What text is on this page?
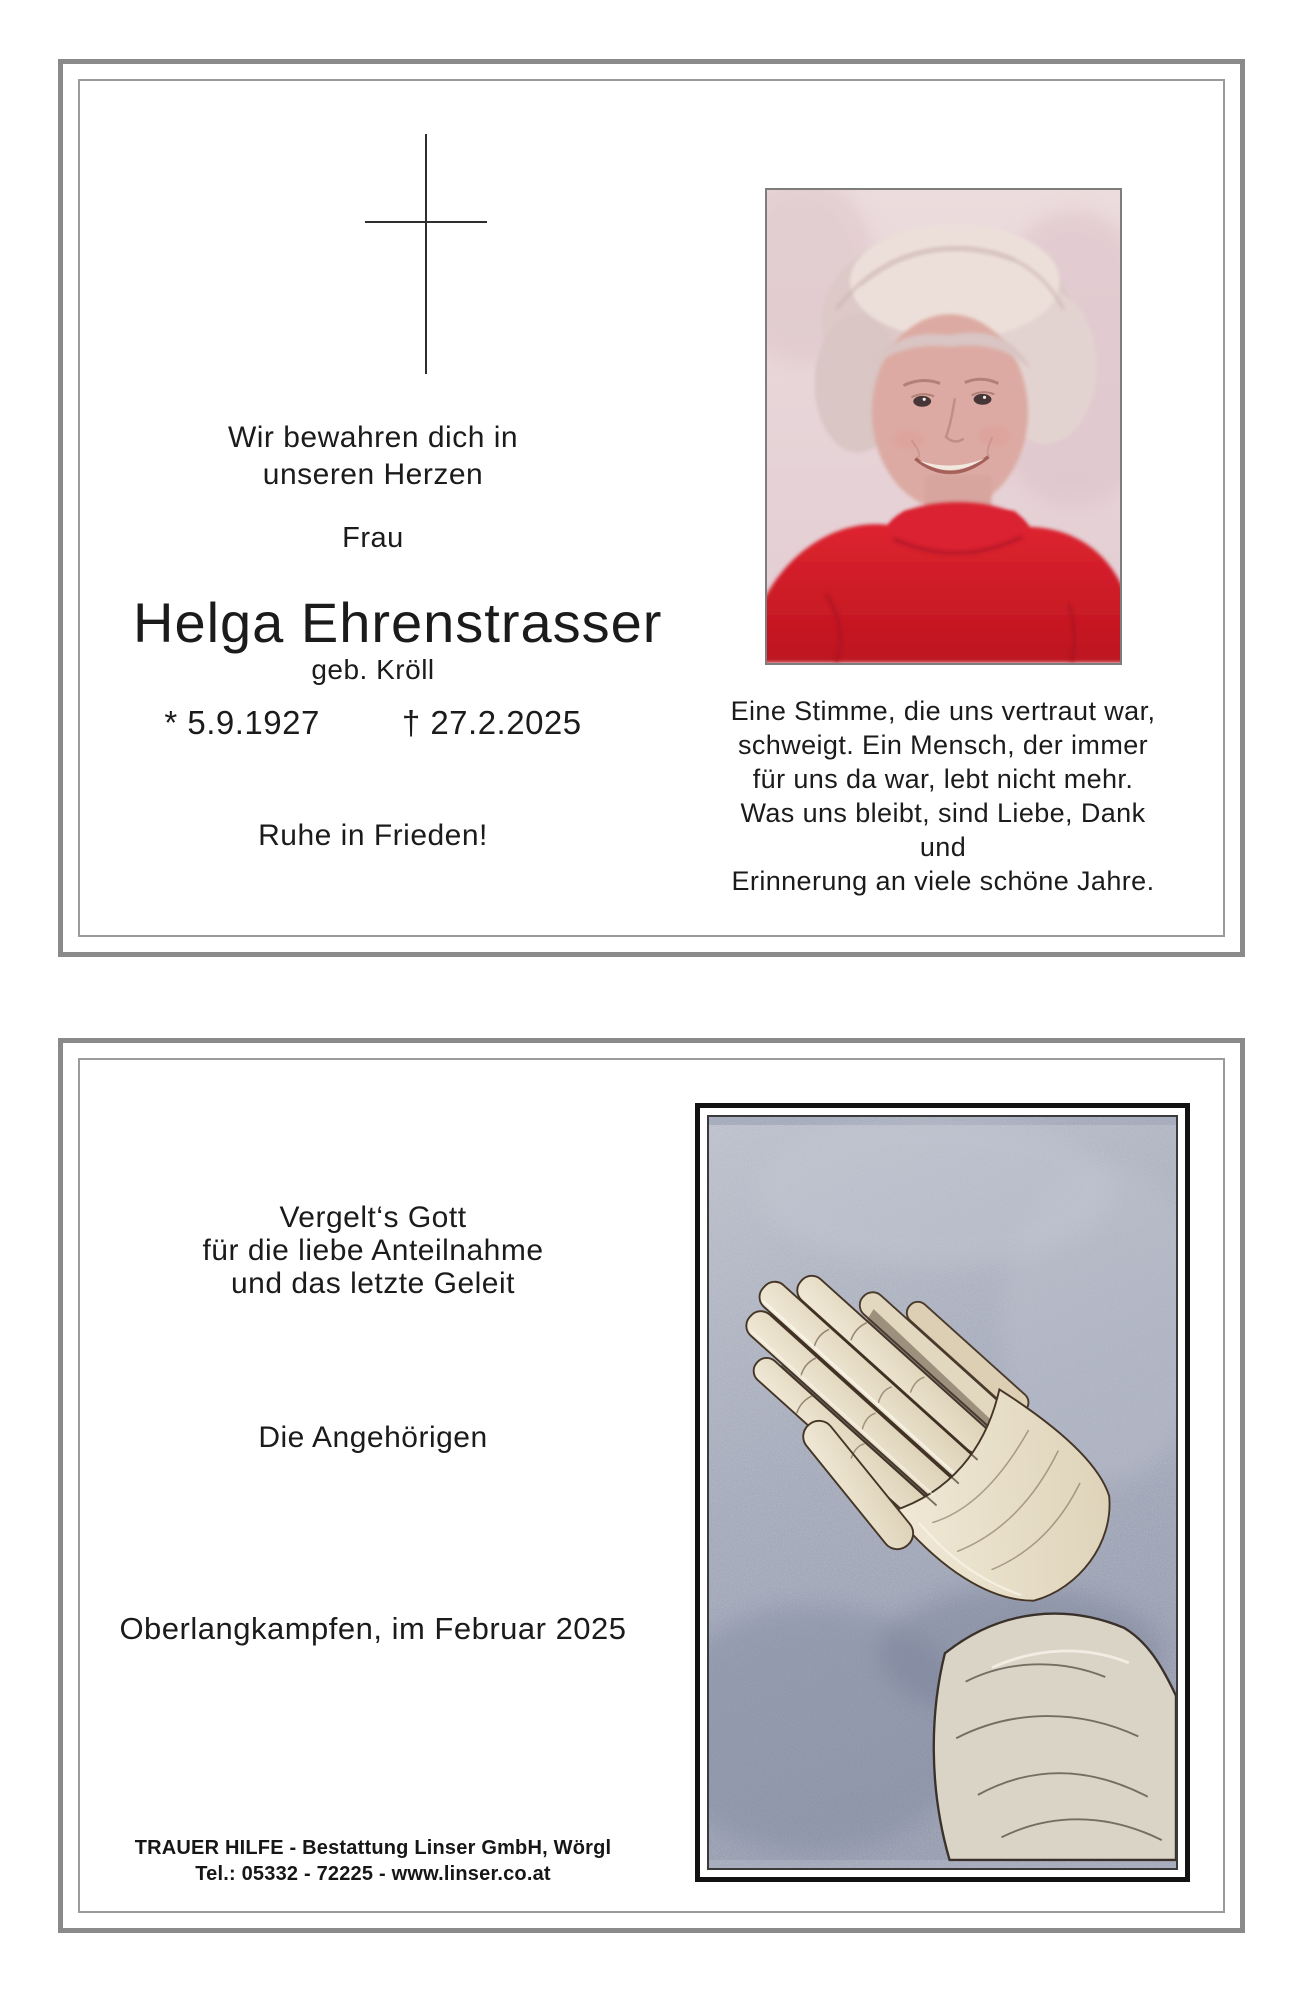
Wir bewahren dich in
unseren Herzen
Frau
Helga Ehrenstrasser
geb. Kröll
* 5.9.1927 † 27.2.2025
Ruhe in Frieden!
Eine Stimme, die uns vertraut war,
schweigt. Ein Mensch, der immer
für uns da war, lebt nicht mehr.
Was uns bleibt, sind Liebe, Dank und
Erinnerung an viele schöne Jahre.
Vergelt‘s Gott
für die liebe Anteilnahme
und das letzte Geleit
Die Angehörigen
Oberlangkampfen, im Februar 2025
TRAUER HILFE - Bestattung Linser GmbH, Wörgl
Tel.: 05332 - 72225 - www.linser.co.at
